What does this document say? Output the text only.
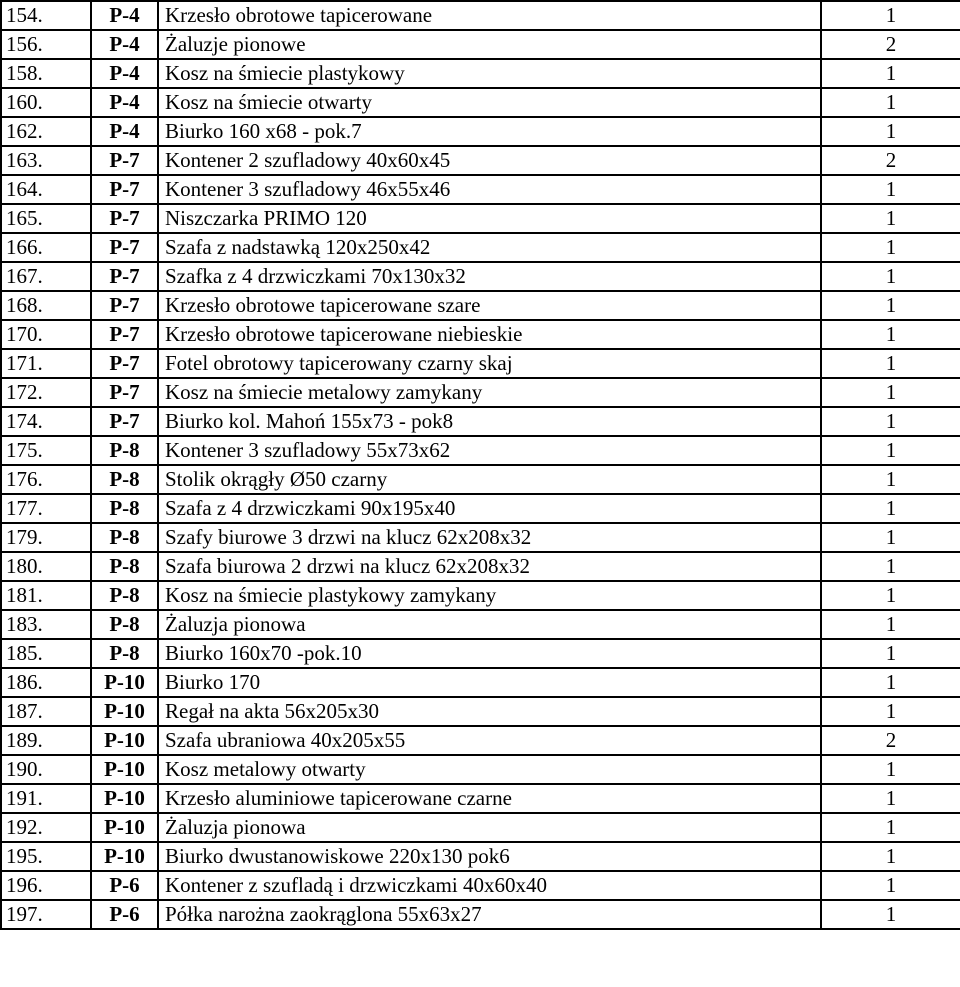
154.	P-4	Krzesło obrotowe tapicerowane	1
156.	P-4	Żaluzje pionowe	2
158.	P-4	Kosz na śmiecie plastykowy	1
160.	P-4	Kosz na śmiecie otwarty	1
162.	P-4	Biurko 160 x68 - pok.7	1
163.	P-7	Kontener 2 szufladowy 40x60x45	2
164.	P-7	Kontener 3 szufladowy 46x55x46	1
165.	P-7	Niszczarka PRIMO 120	1
166.	P-7	Szafa z nadstawką 120x250x42	1
167.	P-7	Szafka z 4 drzwiczkami 70x130x32	1
168.	P-7	Krzesło obrotowe tapicerowane szare	1
170.	P-7	Krzesło obrotowe tapicerowane niebieskie	1
171.	P-7	Fotel obrotowy tapicerowany czarny skaj	1
172.	P-7	Kosz na śmiecie metalowy zamykany	1
174.	P-7	Biurko kol. Mahoń 155x73 - pok8	1
175.	P-8	Kontener 3 szufladowy 55x73x62	1
176.	P-8	Stolik okrągły Ø50 czarny	1
177.	P-8	Szafa z 4 drzwiczkami 90x195x40	1
179.	P-8	Szafy biurowe 3 drzwi na klucz 62x208x32	1
180.	P-8	Szafa biurowa 2 drzwi na klucz 62x208x32	1
181.	P-8	Kosz na śmiecie plastykowy zamykany	1
183.	P-8	Żaluzja pionowa	1
185.	P-8	Biurko 160x70 -pok.10	1
186.	P-10	Biurko 170	1
187.	P-10	Regał na akta 56x205x30	1
189.	P-10	Szafa ubraniowa 40x205x55	2
190.	P-10	Kosz metalowy otwarty	1
191.	P-10	Krzesło aluminiowe tapicerowane czarne	1
192.	P-10	Żaluzja pionowa	1
195.	P-10	Biurko dwustanowiskowe 220x130 pok6	1
196.	P-6	Kontener z szufladą i drzwiczkami 40x60x40	1
197.	P-6	Półka narożna zaokrąglona 55x63x27	1
